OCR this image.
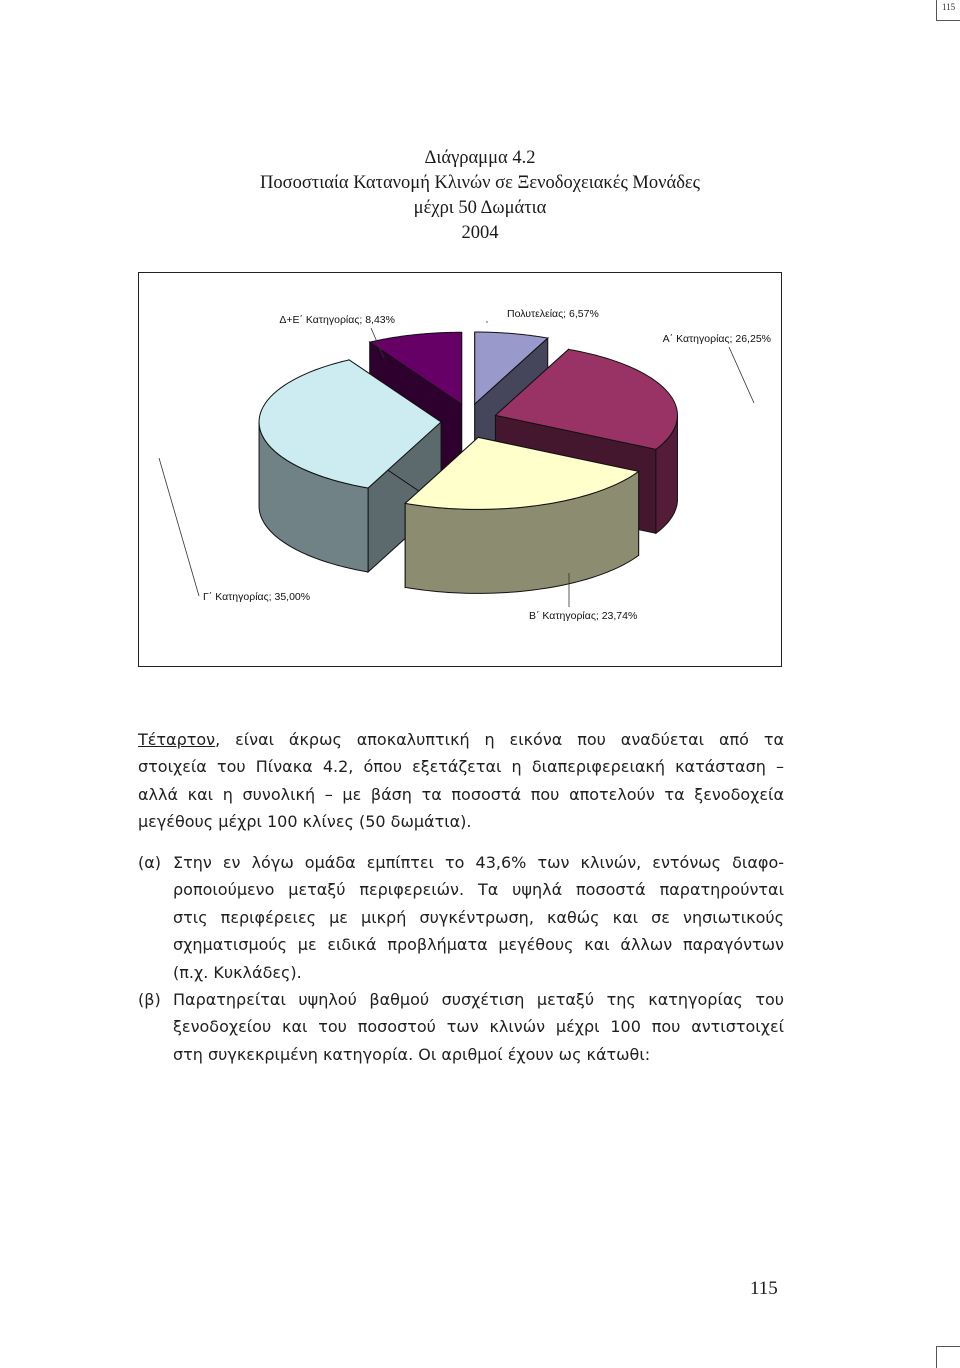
115
Διάγραμμα 4.2
Ποσοστιαία Κατανομή Κλινών σε Ξενοδοχειακές Μονάδες
μέχρι 50 Δωμάτια
2004
Πολυτελείας; 6,57%
Α΄ Κατηγορίας; 26,25%
Β΄ Κατηγορίας; 23,74%
Γ΄ Κατηγορίας; 35,00%
Δ+Ε΄ Κατηγορίας; 8,43%
Τέταρτον, είναι άκρως αποκαλυπτική η εικόνα που αναδύεται από τα
στοιχεία του Πίνακα 4.2, όπου εξετάζεται η διαπεριφερειακή κατάσταση –
αλλά και η συνολική – με βάση τα ποσοστά που αποτελούν τα ξενοδοχεία
μεγέθους μέχρι 100 κλίνες (50 δωμάτια).
(α) Στην εν λόγω ομάδα εμπίπτει το 43,6% των κλινών, εντόνως διαφο-
ροποιούμενο μεταξύ περιφερειών. Τα υψηλά ποσοστά παρατηρούνται
στις περιφέρειες με μικρή συγκέντρωση, καθώς και σε νησιωτικούς
σχηματισμούς με ειδικά προβλήματα μεγέθους και άλλων παραγόντων
(π.χ. Κυκλάδες).
(β) Παρατηρείται υψηλού βαθμού συσχέτιση μεταξύ της κατηγορίας του
ξενοδοχείου και του ποσοστού των κλινών μέχρι 100 που αντιστοιχεί
στη συγκεκριμένη κατηγορία. Οι αριθμοί έχουν ως κάτωθι:
115
